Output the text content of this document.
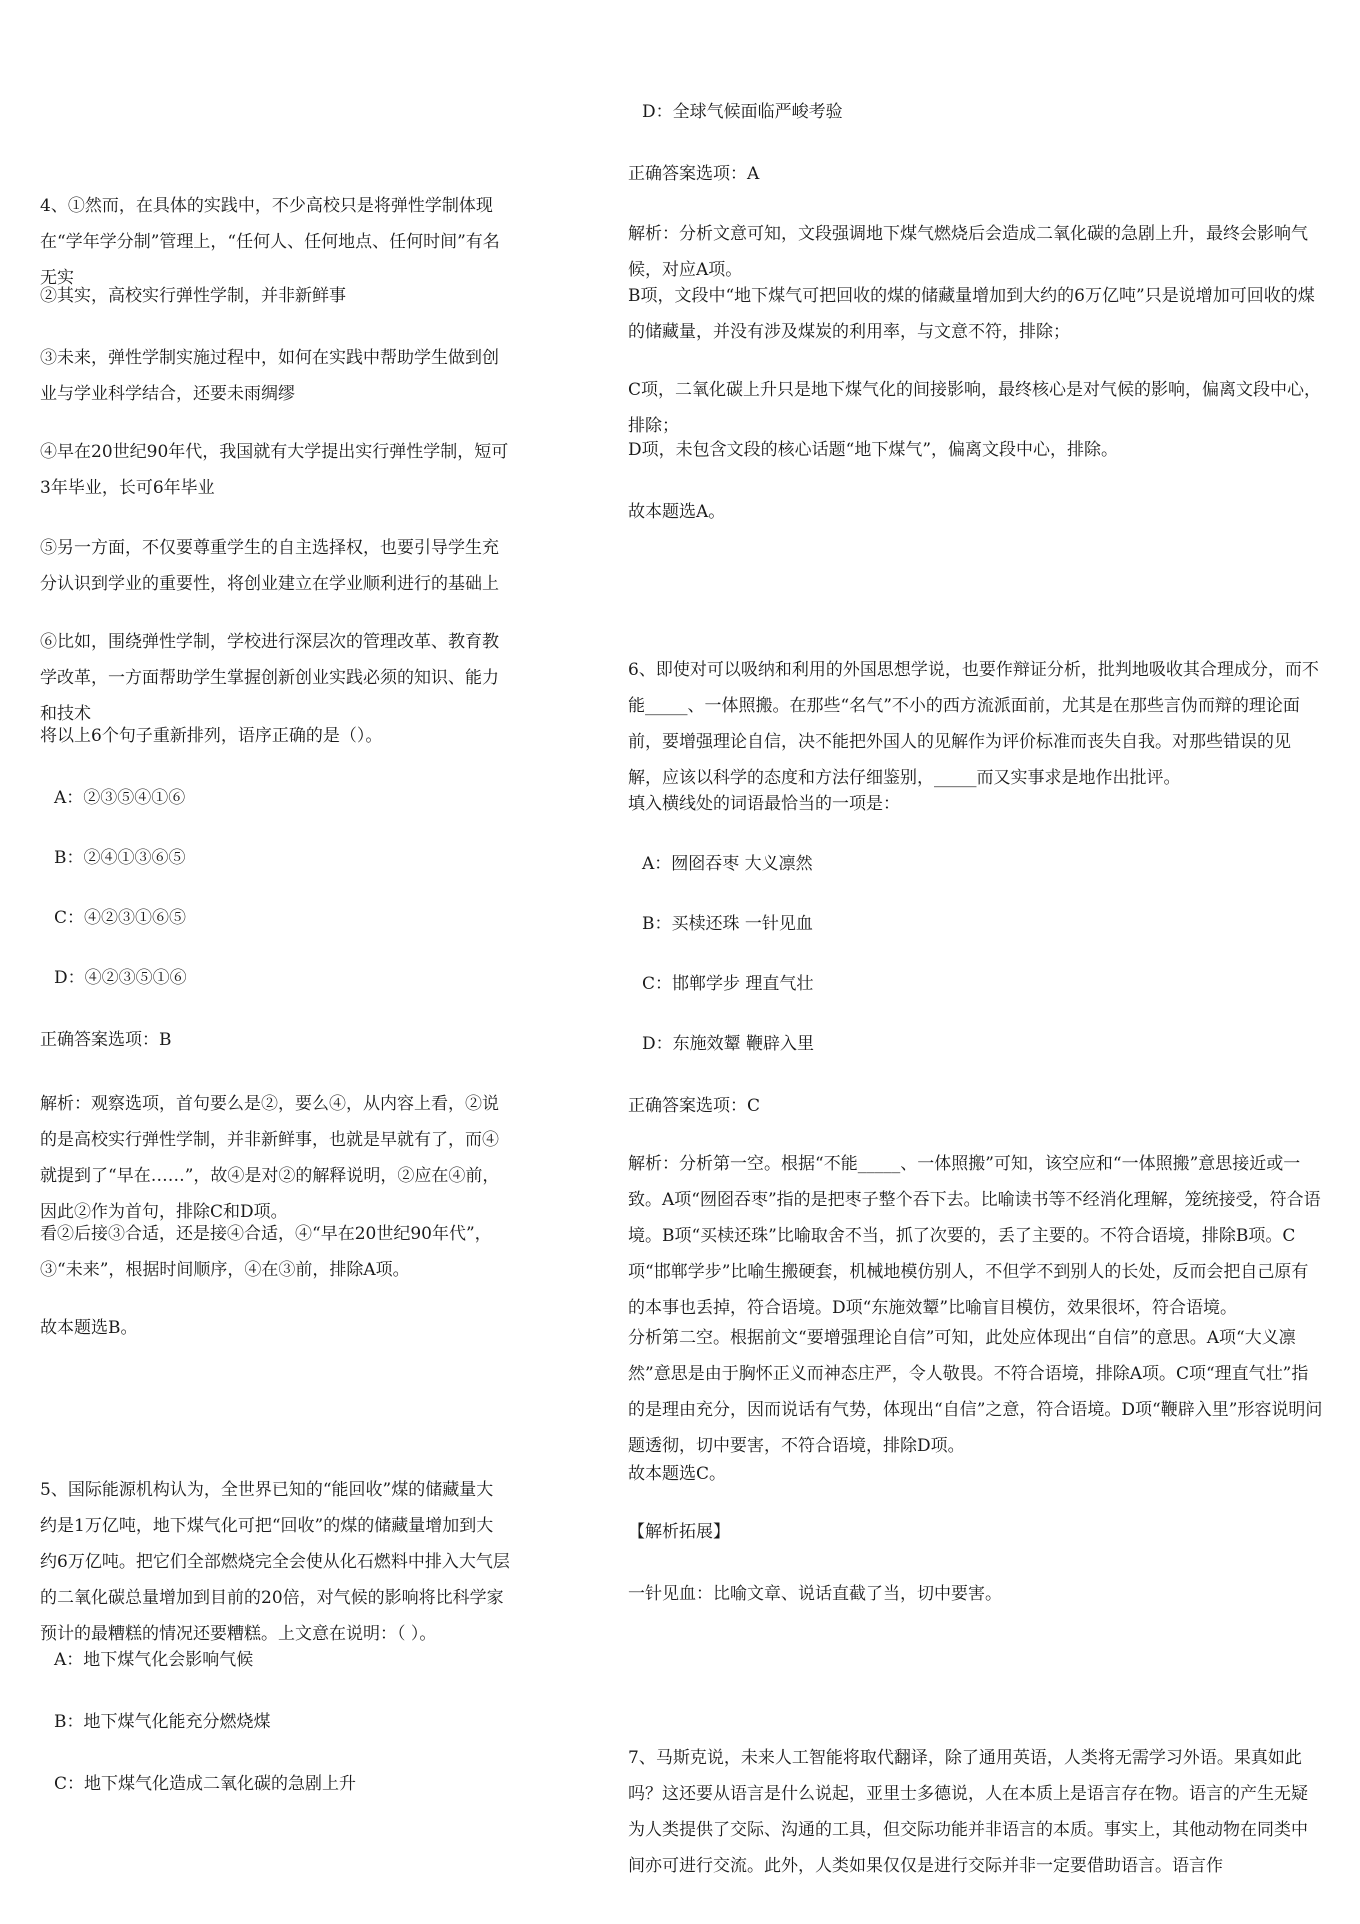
4、①然而，在具体的实践中，不少高校只是将弹性学制体现在“学年学分制”管理上，“任何人、任何地点、任何时间”有名无实

②其实，高校实行弹性学制，并非新鲜事

③未来，弹性学制实施过程中，如何在实践中帮助学生做到创业与学业科学结合，还要未雨绸缪

④早在20世纪90年代，我国就有大学提出实行弹性学制，短可3年毕业，长可6年毕业

⑤另一方面，不仅要尊重学生的自主选择权，也要引导学生充分认识到学业的重要性，将创业建立在学业顺利进行的基础上

⑥比如，围绕弹性学制，学校进行深层次的管理改革、教育教学改革，一方面帮助学生掌握创新创业实践必须的知识、能力和技术

将以上6个句子重新排列，语序正确的是（）。

A：②③⑤④①⑥

B：②④①③⑥⑤

C：④②③①⑥⑤

D：④②③⑤①⑥

正确答案选项：B

解析：观察选项，首句要么是②，要么④，从内容上看，②说的是高校实行弹性学制，并非新鲜事，也就是早就有了，而④就提到了“早在……”，故④是对②的解释说明，②应在④前，因此②作为首句，排除C和D项。

看②后接③合适，还是接④合适，④“早在20世纪90年代”，③“未来”，根据时间顺序，④在③前，排除A项。

故本题选B。

5、国际能源机构认为，全世界已知的“能回收”煤的储藏量大约是1万亿吨，地下煤气化可把“回收”的煤的储藏量增加到大约6万亿吨。把它们全部燃烧完全会使从化石燃料中排入大气层的二氧化碳总量增加到目前的20倍，对气候的影响将比科学家预计的最糟糕的情况还要糟糕。上文意在说明：（ ）。

A：地下煤气化会影响气候

B：地下煤气化能充分燃烧煤

C：地下煤气化造成二氧化碳的急剧上升

D：全球气候面临严峻考验

正确答案选项：A

解析：分析文意可知，文段强调地下煤气燃烧后会造成二氧化碳的急剧上升，最终会影响气候，对应A项。

B项，文段中“地下煤气可把回收的煤的储藏量增加到大约的6万亿吨”只是说增加可回收的煤的储藏量，并没有涉及煤炭的利用率，与文意不符，排除；

C项，二氧化碳上升只是地下煤气化的间接影响，最终核心是对气候的影响，偏离文段中心，排除；

D项，未包含文段的核心话题“地下煤气”，偏离文段中心，排除。

故本题选A。

6、即使对可以吸纳和利用的外国思想学说，也要作辩证分析，批判地吸收其合理成分，而不能_____、一体照搬。在那些“名气”不小的西方流派面前，尤其是在那些言伪而辩的理论面前，要增强理论自信，决不能把外国人的见解作为评价标准而丧失自我。对那些错误的见解，应该以科学的态度和方法仔细鉴别，_____而又实事求是地作出批评。

填入横线处的词语最恰当的一项是：

A：囫囵吞枣 大义凛然

B：买椟还珠 一针见血

C：邯郸学步 理直气壮

D：东施效颦 鞭辟入里

正确答案选项：C

解析：分析第一空。根据“不能_____、一体照搬”可知，该空应和“一体照搬”意思接近或一致。A项“囫囵吞枣”指的是把枣子整个吞下去。比喻读书等不经消化理解，笼统接受，符合语境。B项“买椟还珠”比喻取舍不当，抓了次要的，丢了主要的。不符合语境，排除B项。C项“邯郸学步”比喻生搬硬套，机械地模仿别人，不但学不到别人的长处，反而会把自己原有的本事也丢掉，符合语境。D项“东施效颦”比喻盲目模仿，效果很坏，符合语境。

分析第二空。根据前文“要增强理论自信”可知，此处应体现出“自信”的意思。A项“大义凛然”意思是由于胸怀正义而神态庄严，令人敬畏。不符合语境，排除A项。C项“理直气壮”指的是理由充分，因而说话有气势，体现出“自信”之意，符合语境。D项“鞭辟入里”形容说明问题透彻，切中要害，不符合语境，排除D项。

故本题选C。

【解析拓展】

一针见血：比喻文章、说话直截了当，切中要害。

7、马斯克说，未来人工智能将取代翻译，除了通用英语，人类将无需学习外语。果真如此吗？这还要从语言是什么说起，亚里士多德说，人在本质上是语言存在物。语言的产生无疑为人类提供了交际、沟通的工具，但交际功能并非语言的本质。事实上，其他动物在同类中间亦可进行交流。此外，人类如果仅仅是进行交际并非一定要借助语言。语言作
